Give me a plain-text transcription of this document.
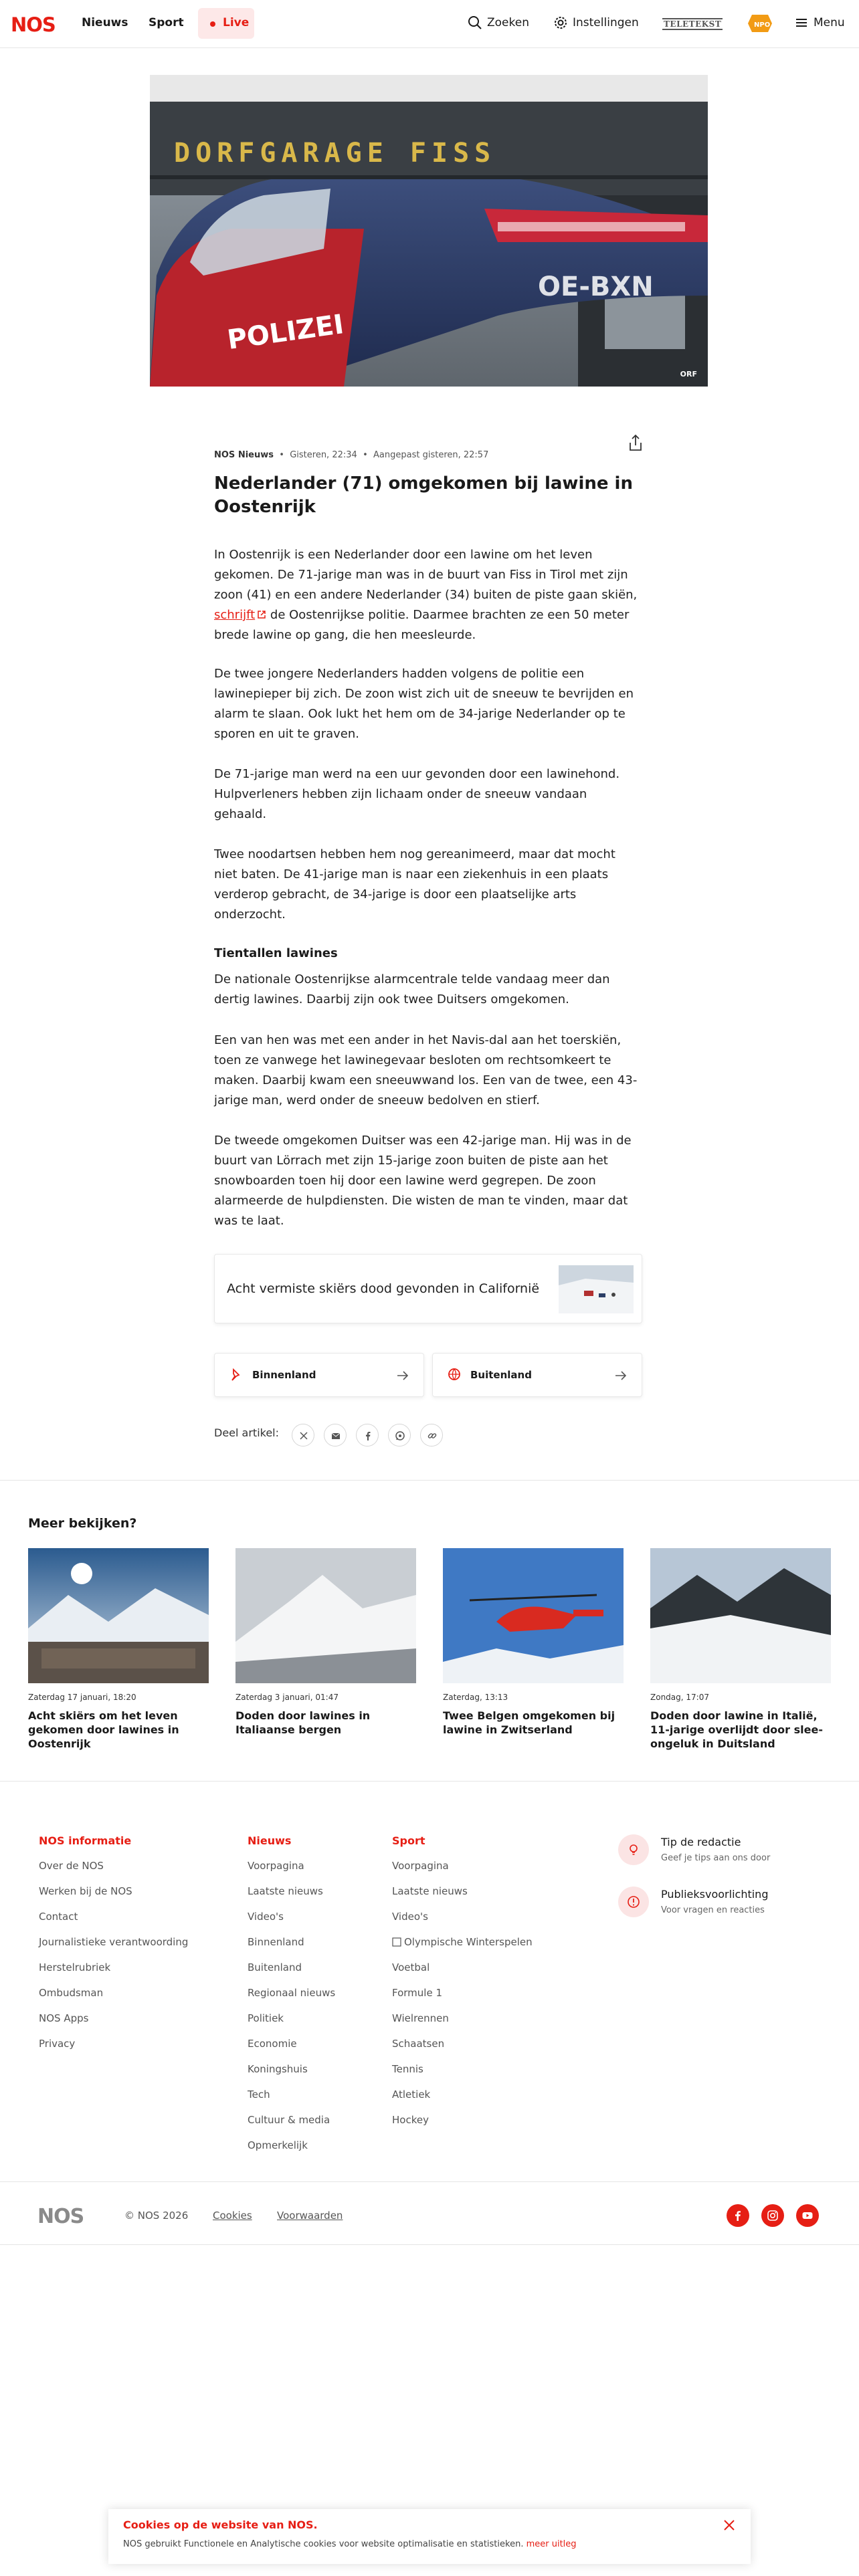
NOS Nieuws Sport	Live	Zoeken	Instellingen	TELETEKST	NPO	Menu
DORFGARAGE FISS
POLIZEI
OE-BXN
ORF
NOS Nieuws  •  Gisteren, 22:34  •  Aangepast gisteren, 22:57
Nederlander (71) omgekomen bij lawine in Oostenrijk
In Oostenrijk is een Nederlander door een lawine om het leven
gekomen. De 71-jarige man was in de buurt van Fiss in Tirol met zijn
zoon (41) en een andere Nederlander (34) buiten de piste gaan skiën,
schrijft de Oostenrijkse politie. Daarmee brachten ze een 50 meter
brede lawine op gang, die hen meesleurde.
De twee jongere Nederlanders hadden volgens de politie een
lawinepieper bij zich. De zoon wist zich uit de sneeuw te bevrijden en
alarm te slaan. Ook lukt het hem om de 34-jarige Nederlander op te
sporen en uit te graven.
De 71-jarige man werd na een uur gevonden door een lawinehond.
Hulpverleners hebben zijn lichaam onder de sneeuw vandaan
gehaald.
Twee noodartsen hebben hem nog gereanimeerd, maar dat mocht
niet baten. De 41-jarige man is naar een ziekenhuis in een plaats
verderop gebracht, de 34-jarige is door een plaatselijke arts
onderzocht.
Tientallen lawines
De nationale Oostenrijkse alarmcentrale telde vandaag meer dan
dertig lawines. Daarbij zijn ook twee Duitsers omgekomen.
Een van hen was met een ander in het Navis-dal aan het toerskiën,
toen ze vanwege het lawinegevaar besloten om rechtsomkeert te
maken. Daarbij kwam een sneeuwwand los. Een van de twee, een 43-
jarige man, werd onder de sneeuw bedolven en stierf.
De tweede omgekomen Duitser was een 42-jarige man. Hij was in de
buurt van Lörrach met zijn 15-jarige zoon buiten de piste aan het
snowboarden toen hij door een lawine werd gegrepen. De zoon
alarmeerde de hulpdiensten. Die wisten de man te vinden, maar dat
was te laat.
Acht vermiste skiërs dood gevonden in Californië
Binnenland	Buitenland
Deel artikel:
Meer bekijken?
Zaterdag 17 januari, 18:20
Acht skiërs om het leven gekomen door lawines in Oostenrijk
Zaterdag 3 januari, 01:47
Doden door lawines in Italiaanse bergen
Zaterdag, 13:13
Twee Belgen omgekomen bij lawine in Zwitserland
Zondag, 17:07
Doden door lawine in Italië, 11-jarige overlijdt door slee-ongeluk in Duitsland
NOS informatie
Over de NOS
Werken bij de NOS
Contact
Journalistieke verantwoording
Herstelrubriek
Ombudsman
NOS Apps
Privacy
Nieuws
Voorpagina
Laatste nieuws
Video's
Binnenland
Buitenland
Regionaal nieuws
Politiek
Economie
Koningshuis
Tech
Cultuur & media
Opmerkelijk
Sport
Voorpagina
Laatste nieuws
Video's
Olympische Winterspelen
Voetbal
Formule 1
Wielrennen
Schaatsen
Tennis
Atletiek
Hockey
Tip de redactie
Geef je tips aan ons door
Publieksvoorlichting
Voor vragen en reacties
NOS	© NOS 2026 Cookies Voorwaarden
Cookies op de website van NOS.
NOS gebruikt Functionele en Analytische cookies voor website optimalisatie en statistieken. meer uitleg
